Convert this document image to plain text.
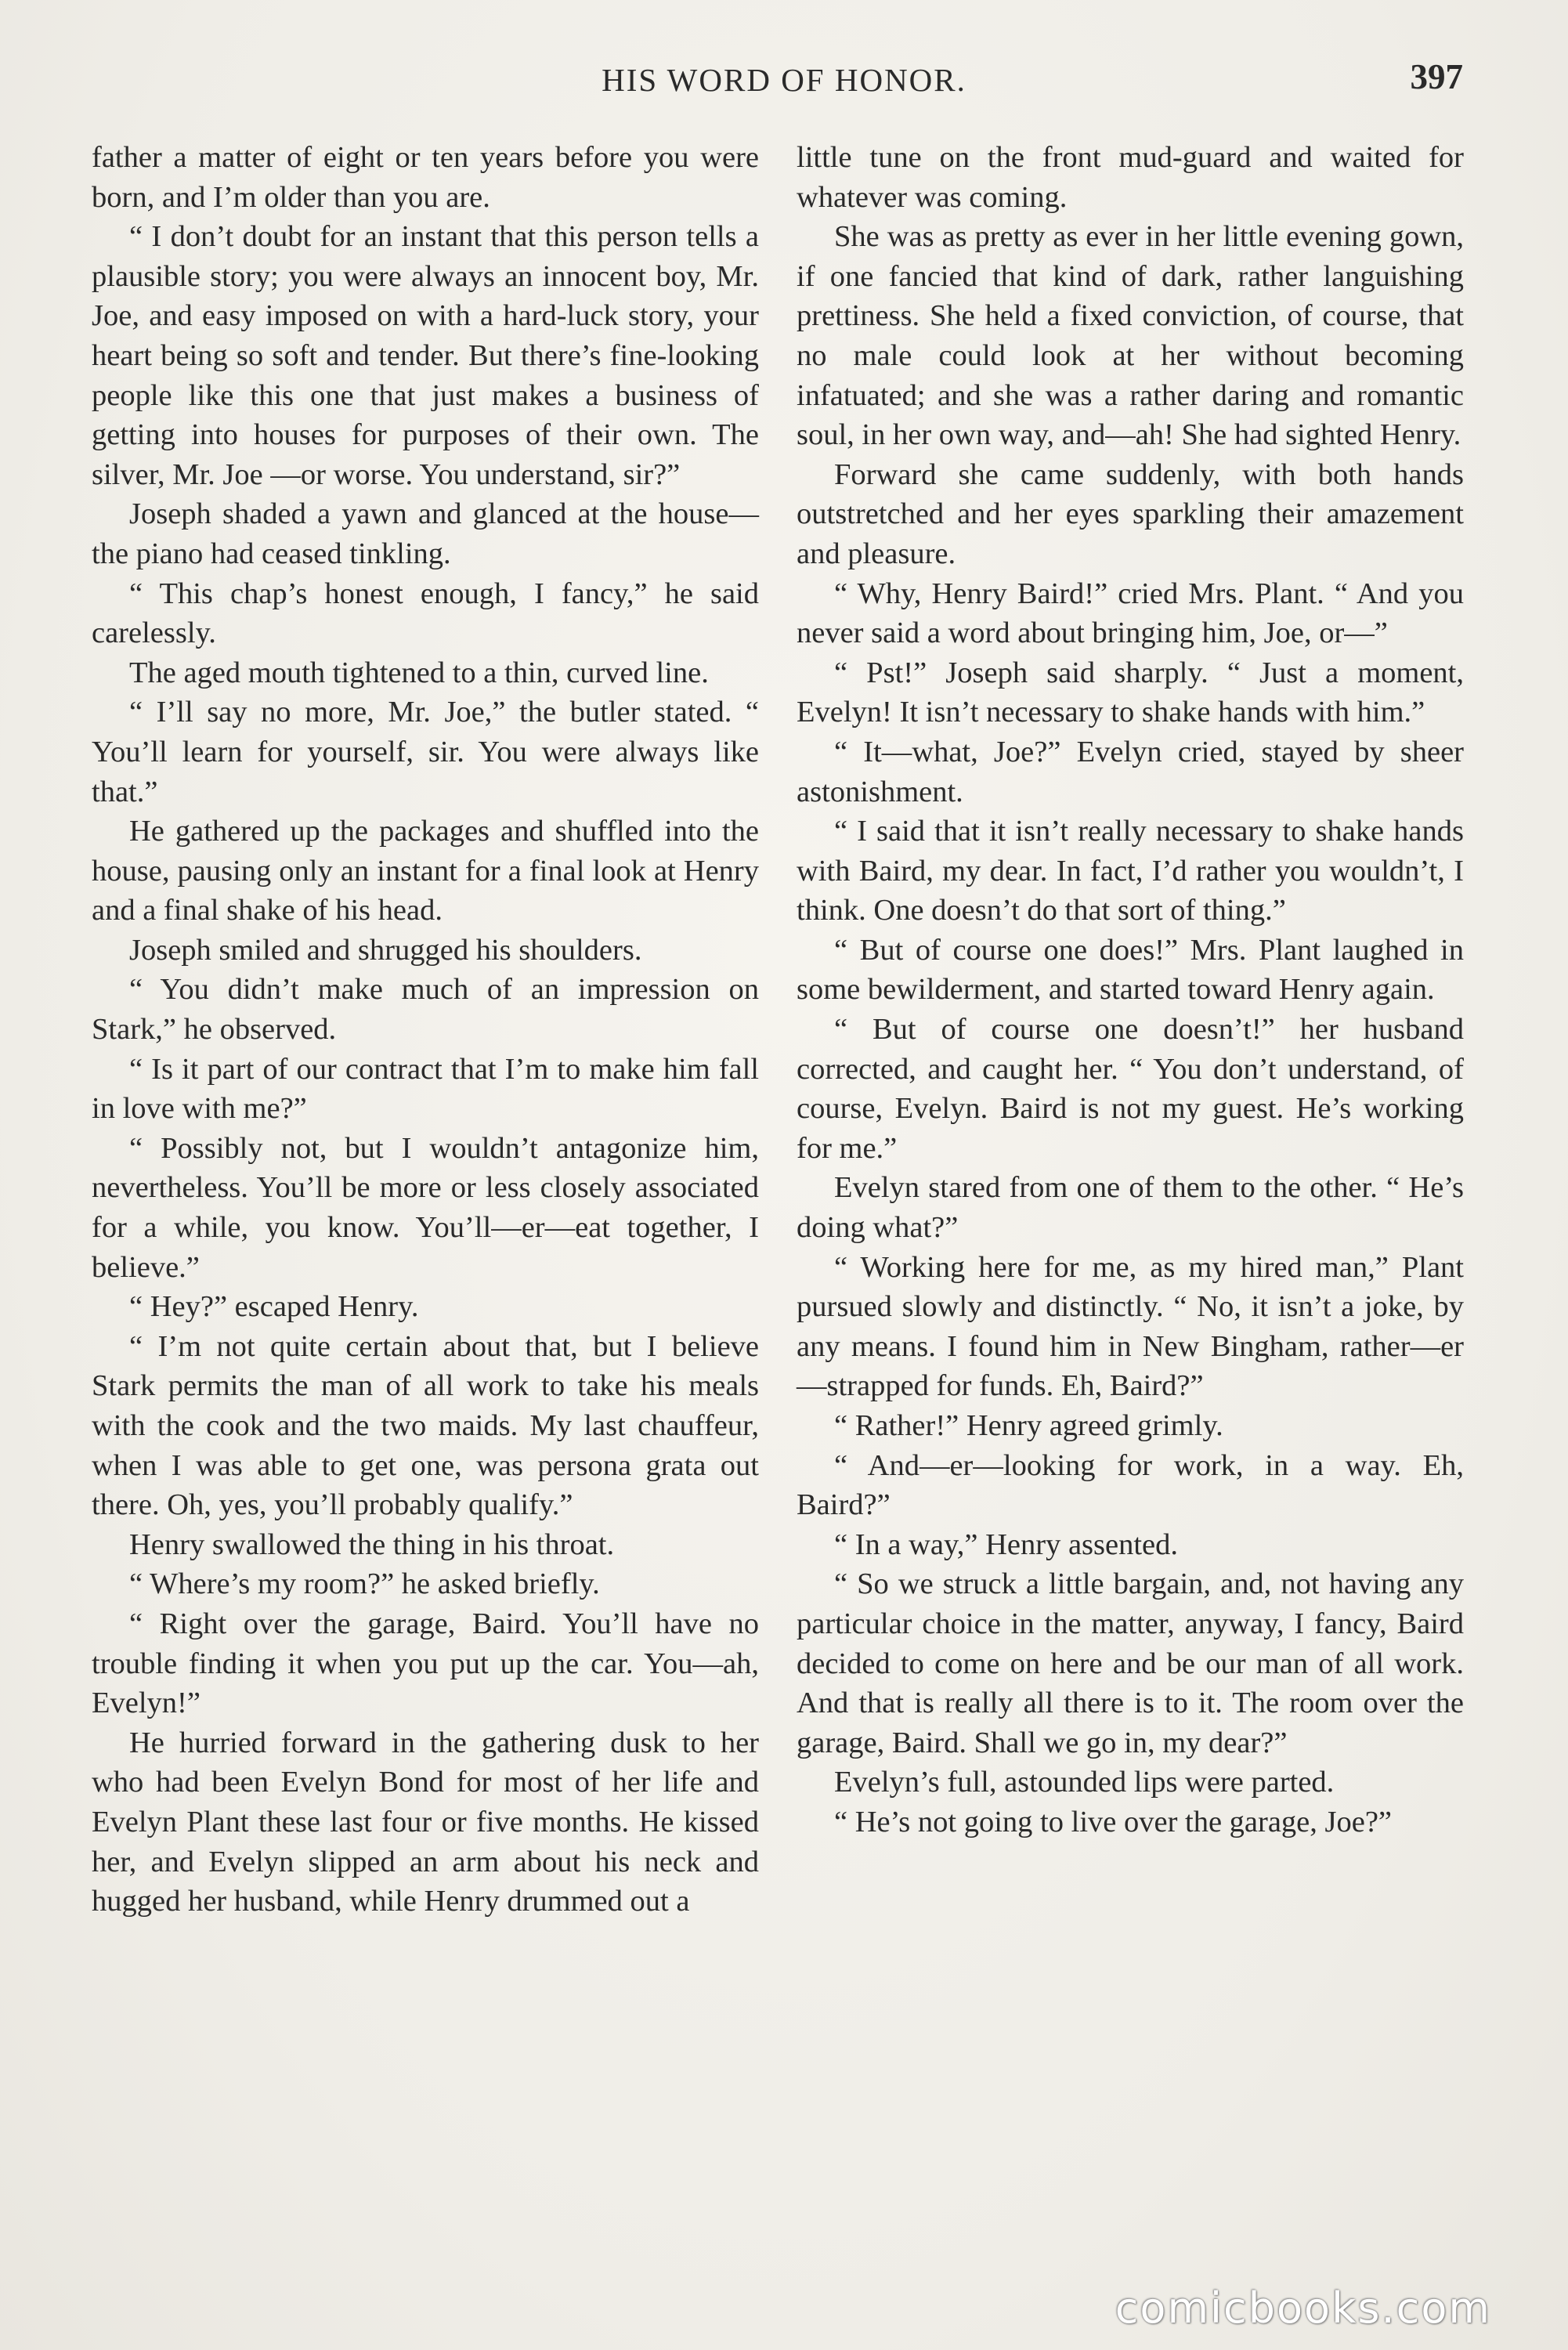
HIS WORD OF HONOR.	397

father a matter of eight or ten years before you were born, and I’m older than you are.

“ I don’t doubt for an instant that this person tells a plausible story; you were always an innocent boy, Mr. Joe, and easy imposed on with a hard-luck story, your heart being so soft and tender. But there’s fine-looking people like this one that just makes a business of getting into houses for purposes of their own. The silver, Mr. Joe —or worse. You understand, sir?”

Joseph shaded a yawn and glanced at the house—the piano had ceased tinkling.

“ This chap’s honest enough, I fancy,” he said carelessly.

The aged mouth tightened to a thin, curved line.

“ I’ll say no more, Mr. Joe,” the butler stated. “ You’ll learn for yourself, sir. You were always like that.”

He gathered up the packages and shuffled into the house, pausing only an instant for a final look at Henry and a final shake of his head.

Joseph smiled and shrugged his shoulders.

“ You didn’t make much of an impression on Stark,” he observed.

“ Is it part of our contract that I’m to make him fall in love with me?”

“ Possibly not, but I wouldn’t antagonize him, nevertheless. You’ll be more or less closely associated for a while, you know. You’ll—er—eat together, I believe.”

“ Hey?” escaped Henry.

“ I’m not quite certain about that, but I believe Stark permits the man of all work to take his meals with the cook and the two maids. My last chauffeur, when I was able to get one, was persona grata out there. Oh, yes, you’ll probably qualify.”

Henry swallowed the thing in his throat.

“ Where’s my room?” he asked briefly.

“ Right over the garage, Baird. You’ll have no trouble finding it when you put up the car. You—ah, Evelyn!”

He hurried forward in the gathering dusk to her who had been Evelyn Bond for most of her life and Evelyn Plant these last four or five months. He kissed her, and Evelyn slipped an arm about his neck and hugged her husband, while Henry drummed out a

little tune on the front mud-guard and waited for whatever was coming.

She was as pretty as ever in her little evening gown, if one fancied that kind of dark, rather languishing prettiness. She held a fixed conviction, of course, that no male could look at her without becoming infatuated; and she was a rather daring and romantic soul, in her own way, and—ah! She had sighted Henry.

Forward she came suddenly, with both hands outstretched and her eyes sparkling their amazement and pleasure.

“ Why, Henry Baird!” cried Mrs. Plant. “ And you never said a word about bringing him, Joe, or—”

“ Pst!” Joseph said sharply. “ Just a moment, Evelyn! It isn’t necessary to shake hands with him.”

“ It—what, Joe?” Evelyn cried, stayed by sheer astonishment.

“ I said that it isn’t really necessary to shake hands with Baird, my dear. In fact, I’d rather you wouldn’t, I think. One doesn’t do that sort of thing.”

“ But of course one does!” Mrs. Plant laughed in some bewilderment, and started toward Henry again.

“ But of course one doesn’t!” her husband corrected, and caught her. “ You don’t understand, of course, Evelyn. Baird is not my guest. He’s working for me.”

Evelyn stared from one of them to the other. “ He’s doing what?”

“ Working here for me, as my hired man,” Plant pursued slowly and distinctly. “ No, it isn’t a joke, by any means. I found him in New Bingham, rather—er—strapped for funds. Eh, Baird?”

“ Rather!” Henry agreed grimly.

“ And—er—looking for work, in a way. Eh, Baird?”

“ In a way,” Henry assented.

“ So we struck a little bargain, and, not having any particular choice in the matter, anyway, I fancy, Baird decided to come on here and be our man of all work. And that is really all there is to it. The room over the garage, Baird. Shall we go in, my dear?”

Evelyn’s full, astounded lips were parted.

“ He’s not going to live over the garage, Joe?”

comicbooks.com
